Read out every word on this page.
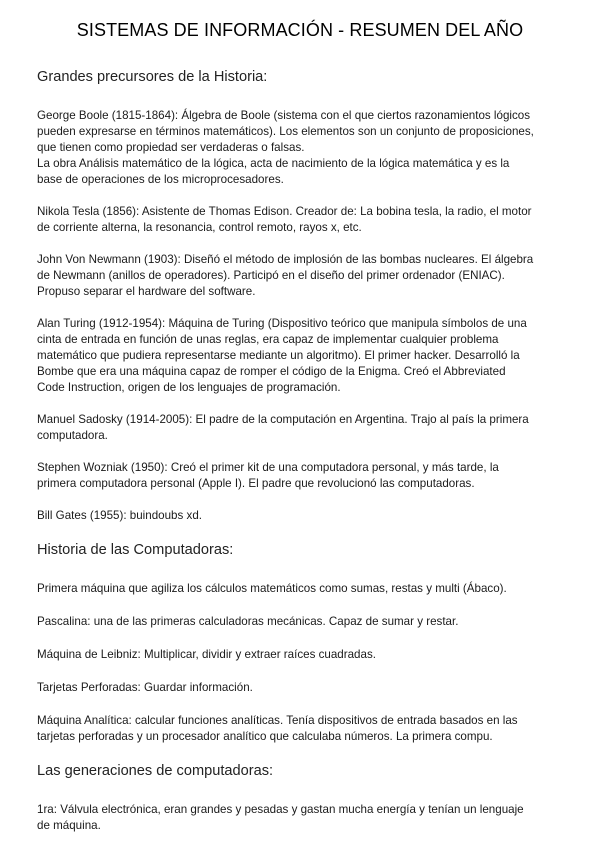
SISTEMAS DE INFORMACIÓN - RESUMEN DEL AÑO
Grandes precursores de la Historia:
George Boole (1815-1864): Álgebra de Boole (sistema con el que ciertos razonamientos lógicos
pueden expresarse en términos matemáticos). Los elementos son un conjunto de proposiciones,
que tienen como propiedad ser verdaderas o falsas.
La obra Análisis matemático de la lógica, acta de nacimiento de la lógica matemática y es la
base de operaciones de los microprocesadores.
Nikola Tesla (1856): Asistente de Thomas Edison. Creador de: La bobina tesla, la radio, el motor
de corriente alterna, la resonancia, control remoto, rayos x, etc.
John Von Newmann (1903): Diseñó el método de implosión de las bombas nucleares. El álgebra
de Newmann (anillos de operadores). Participó en el diseño del primer ordenador (ENIAC).
Propuso separar el hardware del software.
Alan Turing (1912-1954): Máquina de Turing (Dispositivo teórico que manipula símbolos de una
cinta de entrada en función de unas reglas, era capaz de implementar cualquier problema
matemático que pudiera representarse mediante un algoritmo). El primer hacker. Desarrolló la
Bombe que era una máquina capaz de romper el código de la Enigma. Creó el Abbreviated
Code Instruction, origen de los lenguajes de programación.
Manuel Sadosky (1914-2005): El padre de la computación en Argentina. Trajo al país la primera
computadora.
Stephen Wozniak (1950): Creó el primer kit de una computadora personal, y más tarde, la
primera computadora personal (Apple I). El padre que revolucionó las computadoras.
Bill Gates (1955): buindoubs xd.
Historia de las Computadoras:
Primera máquina que agiliza los cálculos matemáticos como sumas, restas y multi (Ábaco).
Pascalina: una de las primeras calculadoras mecánicas. Capaz de sumar y restar.
Máquina de Leibniz: Multiplicar, dividir y extraer raíces cuadradas.
Tarjetas Perforadas: Guardar información.
Máquina Analítica: calcular funciones analíticas. Tenía dispositivos de entrada basados en las
tarjetas perforadas y un procesador analítico que calculaba números. La primera compu.
Las generaciones de computadoras:
1ra: Válvula electrónica, eran grandes y pesadas y gastan mucha energía y tenían un lenguaje
de máquina.
